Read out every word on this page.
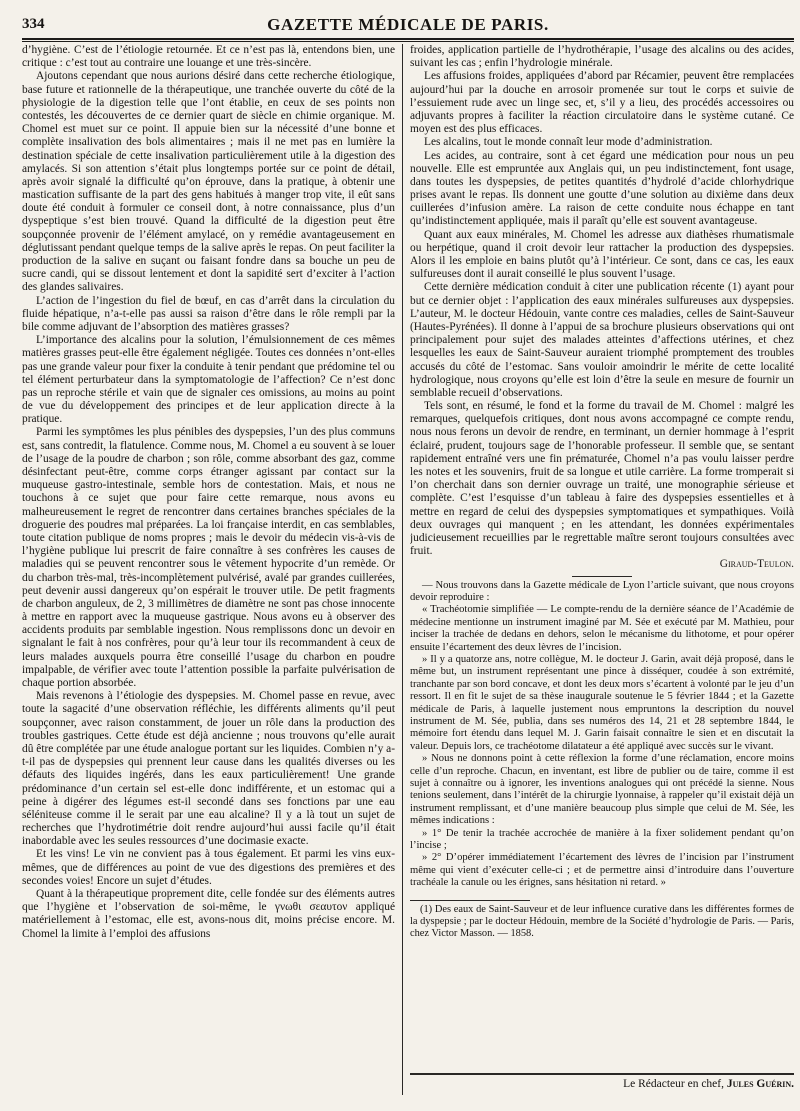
334	GAZETTE MÉDICALE DE PARIS.

d’hygiène. C’est de l’étiologie retournée. Et ce n’est pas là, entendons bien, une critique : c’est tout au contraire une louange et une très-sincère.

Ajoutons cependant que nous aurions désiré dans cette recherche étiologique, base future et rationnelle de la thérapeutique, une tranchée ouverte du côté de la physiologie de la digestion telle que l’ont établie, en ceux de ses points non contestés, les découvertes de ce dernier quart de siècle en chimie organique. M. Chomel est muet sur ce point. Il appuie bien sur la nécessité d’une bonne et complète insalivation des bols alimentaires ; mais il ne met pas en lumière la destination spéciale de cette insalivation particulièrement utile à la digestion des amylacés. Si son attention s’était plus longtemps portée sur ce point de détail, après avoir signalé la difficulté qu’on éprouve, dans la pratique, à obtenir une mastication suffisante de la part des gens habitués à manger trop vite, il eût sans doute été conduit à formuler ce conseil dont, à notre connaissance, plus d’un dyspeptique s’est bien trouvé. Quand la difficulté de la digestion peut être soupçonnée provenir de l’élément amylacé, on y remédie avantageusement en déglutissant pendant quelque temps de la salive après le repas. On peut faciliter la production de la salive en suçant ou faisant fondre dans sa bouche un peu de sucre candi, qui se dissout lentement et dont la sapidité sert d’exciter à l’action des glandes salivaires.

L’action de l’ingestion du fiel de bœuf, en cas d’arrêt dans la circulation du fluide hépatique, n’a-t-elle pas aussi sa raison d’être dans le rôle rempli par la bile comme adjuvant de l’absorption des matières grasses?

L’importance des alcalins pour la solution, l’émulsionnement de ces mêmes matières grasses peut-elle être également négligée. Toutes ces données n’ont-elles pas une grande valeur pour fixer la conduite à tenir pendant que prédomine tel ou tel élément perturbateur dans la symptomatologie de l’affection? Ce n’est donc pas un reproche stérile et vain que de signaler ces omissions, au moins au point de vue du développement des principes et de leur application directe à la pratique.

Parmi les symptômes les plus pénibles des dyspepsies, l’un des plus communs est, sans contredit, la flatulence. Comme nous, M. Chomel a eu souvent à se louer de l’usage de la poudre de charbon ; son rôle, comme absorbant des gaz, comme désinfectant peut-être, comme corps étranger agissant par contact sur la muqueuse gastro-intestinale, semble hors de contestation. Mais, et nous ne touchons à ce sujet que pour faire cette remarque, nous avons eu malheureusement le regret de rencontrer dans certaines branches spéciales de la droguerie des poudres mal préparées. La loi française interdit, en cas semblables, toute citation publique de noms propres ; mais le devoir du médecin vis-à-vis de l’hygiène publique lui prescrit de faire connaître à ses confrères les causes de maladies qui se peuvent rencontrer sous le vêtement hypocrite d’un remède. Or du charbon très-mal, très-incomplètement pulvérisé, avalé par grandes cuillerées, peut devenir aussi dangereux qu’on espérait le trouver utile. De petit fragments de charbon anguleux, de 2, 3 millimètres de diamètre ne sont pas chose innocente à mettre en rapport avec la muqueuse gastrique. Nous avons eu à observer des accidents produits par semblable ingestion. Nous remplissons donc un devoir en signalant le fait à nos confrères, pour qu’à leur tour ils recommandent à ceux de leurs malades auxquels pourra être conseillé l’usage du charbon en poudre impalpable, de vérifier avec toute l’attention possible la parfaite pulvérisation de chaque portion absorbée.

Mais revenons à l’étiologie des dyspepsies. M. Chomel passe en revue, avec toute la sagacité d’une observation réfléchie, les différents aliments qu’il peut soupçonner, avec raison constamment, de jouer un rôle dans la production des troubles gastriques. Cette étude est déjà ancienne ; nous trouvons qu’elle aurait dû être complétée par une étude analogue portant sur les liquides. Combien n’y a-t-il pas de dyspepsies qui prennent leur cause dans les qualités diverses ou les défauts des liquides ingérés, dans les eaux particulièrement! Une grande prédominance d’un certain sel est-elle donc indifférente, et un estomac qui a peine à digérer des légumes est-il secondé dans ses fonctions par une eau séléniteuse comme il le serait par une eau alcaline? Il y a là tout un sujet de recherches que l’hydrotimétrie doit rendre aujourd’hui aussi facile qu’il était inabordable avec les seules ressources d’une docimasie exacte.

Et les vins! Le vin ne convient pas à tous également. Et parmi les vins eux-mêmes, que de différences au point de vue des digestions des premières et des secondes voies! Encore un sujet d’études.

Quant à la thérapeutique proprement dite, celle fondée sur des éléments autres que l’hygiène et l’observation de soi-même, le γνωθι σεαυτον appliqué matériellement à l’estomac, elle est, avons-nous dit, moins précise encore. M. Chomel la limite à l’emploi des affusions

froides, application partielle de l’hydrothérapie, l’usage des alcalins ou des acides, suivant les cas ; enfin l’hydrologie minérale.

Les affusions froides, appliquées d’abord par Récamier, peuvent être remplacées aujourd’hui par la douche en arrosoir promenée sur tout le corps et suivie de l’essuiement rude avec un linge sec, et, s’il y a lieu, des procédés accessoires ou adjuvants propres à faciliter la réaction circulatoire dans le système cutané. Ce moyen est des plus efficaces.

Les alcalins, tout le monde connaît leur mode d’administration.

Les acides, au contraire, sont à cet égard une médication pour nous un peu nouvelle. Elle est empruntée aux Anglais qui, un peu indistinctement, font usage, dans toutes les dyspepsies, de petites quantités d’hydrolé d’acide chlorhydrique prises avant le repas. Ils donnent une goutte d’une solution au dixième dans deux cuillerées d’infusion amère. La raison de cette conduite nous échappe en tant qu’indistinctement appliquée, mais il paraît qu’elle est souvent avantageuse.

Quant aux eaux minérales, M. Chomel les adresse aux diathèses rhumatismale ou herpétique, quand il croit devoir leur rattacher la production des dyspepsies. Alors il les emploie en bains plutôt qu’à l’intérieur. Ce sont, dans ce cas, les eaux sulfureuses dont il aurait conseillé le plus souvent l’usage.

Cette dernière médication conduit à citer une publication récente (1) ayant pour but ce dernier objet : l’application des eaux minérales sulfureuses aux dyspepsies. L’auteur, M. le docteur Hédouin, vante contre ces maladies, celles de Saint-Sauveur (Hautes-Pyrénées). Il donne à l’appui de sa brochure plusieurs observations qui ont principalement pour sujet des malades atteintes d’affections utérines, et chez lesquelles les eaux de Saint-Sauveur auraient triomphé promptement des troubles accusés du côté de l’estomac. Sans vouloir amoindrir le mérite de cette localité hydrologique, nous croyons qu’elle est loin d’être la seule en mesure de fournir un semblable recueil d’observations.

Tels sont, en résumé, le fond et la forme du travail de M. Chomel : malgré les remarques, quelquefois critiques, dont nous avons accompagné ce compte rendu, nous nous ferons un devoir de rendre, en terminant, un dernier hommage à l’esprit éclairé, prudent, toujours sage de l’honorable professeur. Il semble que, se sentant rapidement entraîné vers une fin prématurée, Chomel n’a pas voulu laisser perdre les notes et les souvenirs, fruit de sa longue et utile carrière. La forme tromperait si l’on cherchait dans son dernier ouvrage un traité, une monographie sérieuse et complète. C’est l’esquisse d’un tableau à faire des dyspepsies essentielles et à mettre en regard de celui des dyspepsies symptomatiques et sympathiques. Voilà deux ouvrages qui manquent ; en les attendant, les données expérimentales judicieusement recueillies par le regrettable maître seront toujours consultées avec fruit.

Giraud-Teulon.

— Nous trouvons dans la Gazette médicale de Lyon l’article suivant, que nous croyons devoir reproduire :

« Trachéotomie simplifiée — Le compte-rendu de la dernière séance de l’Académie de médecine mentionne un instrument imaginé par M. Sée et exécuté par M. Mathieu, pour inciser la trachée de dedans en dehors, selon le mécanisme du lithotome, et pour opérer ensuite l’écartement des deux lèvres de l’incision.

» Il y a quatorze ans, notre collègue, M. le docteur J. Garin, avait déjà proposé, dans le même but, un instrument représentant une pince à disséquer, coudée à son extrémité, tranchante par son bord concave, et dont les deux mors s’écartent à volonté par le jeu d’un ressort. Il en fit le sujet de sa thèse inaugurale soutenue le 5 février 1844 ; et la Gazette médicale de Paris, à laquelle justement nous empruntons la description du nouvel instrument de M. Sée, publia, dans ses numéros des 14, 21 et 28 septembre 1844, le mémoire fort étendu dans lequel M. J. Garin faisait connaître le sien et en discutait la valeur. Depuis lors, ce trachéotome dilatateur a été appliqué avec succès sur le vivant.

» Nous ne donnons point à cette réflexion la forme d’une réclamation, encore moins celle d’un reproche. Chacun, en inventant, est libre de publier ou de taire, comme il est sujet à connaître ou à ignorer, les inventions analogues qui ont précédé la sienne. Nous tenions seulement, dans l’intérêt de la chirurgie lyonnaise, à rappeler qu’il existait déjà un instrument remplissant, et d’une manière beaucoup plus simple que celui de M. Sée, les mêmes indications :

» 1° De tenir la trachée accrochée de manière à la fixer solidement pendant qu’on l’incise ;

» 2° D’opérer immédiatement l’écartement des lèvres de l’incision par l’instrument même qui vient d’exécuter celle-ci ; et de permettre ainsi d’introduire dans l’ouverture trachéale la canule ou les érignes, sans hésitation ni retard. »

(1) Des eaux de Saint-Sauveur et de leur influence curative dans les différentes formes de la dyspepsie ; par le docteur Hédouin, membre de la Société d’hydrologie de Paris. — Paris, chez Victor Masson. — 1858.

Le Rédacteur en chef, Jules Guérin.
